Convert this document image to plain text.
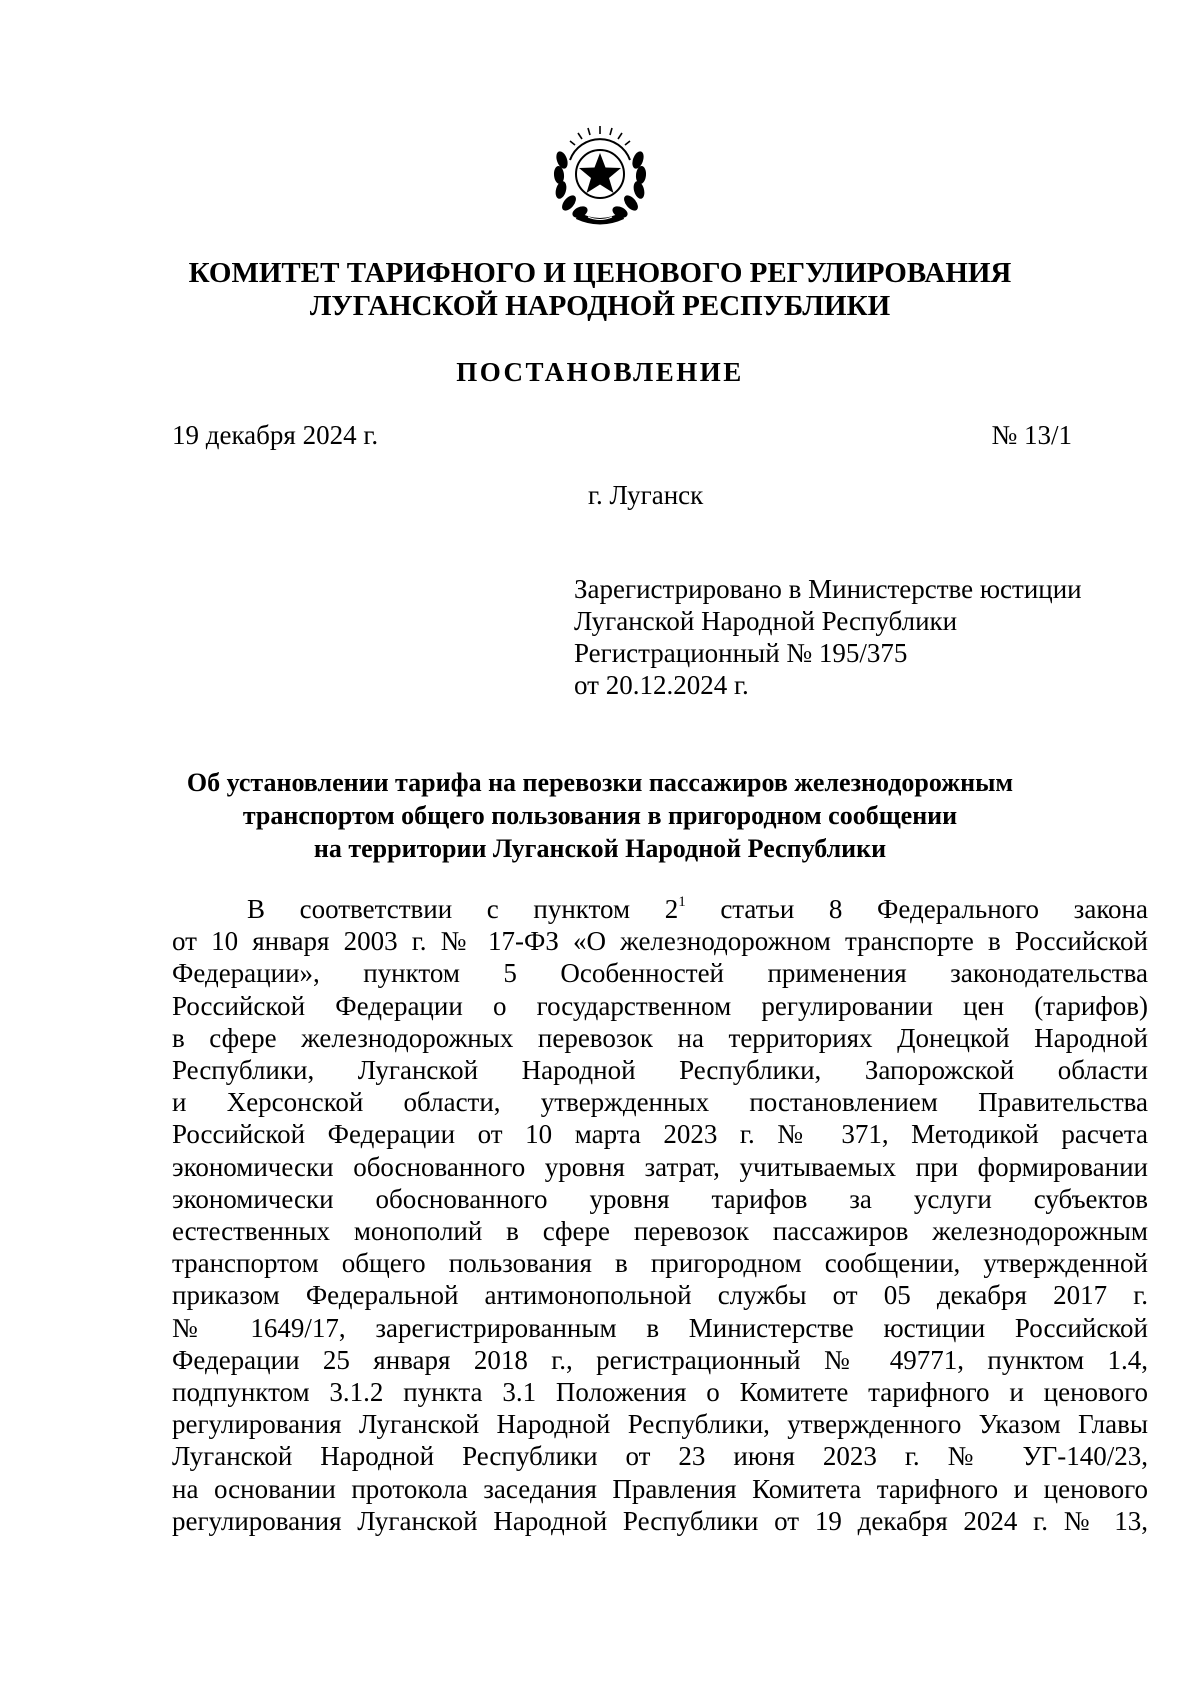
КОМИТЕТ ТАРИФНОГО И ЦЕНОВОГО РЕГУЛИРОВАНИЯ
ЛУГАНСКОЙ НАРОДНОЙ РЕСПУБЛИКИ
ПОСТАНОВЛЕНИЕ
19 декабря 2024 г.	№ 13/1
г. Луганск
Зарегистрировано в Министерстве юстиции
Луганской Народной Республики
Регистрационный № 195/375
от 20.12.2024 г.
Об установлении тарифа на перевозки пассажиров железнодорожным
транспортом общего пользования в пригородном сообщении
на территории Луганской Народной Республики
В соответствии с пунктом $2^1$ статьи 8 Федерального закона
от 10 января 2003 г. № 17-ФЗ «О железнодорожном транспорте в Российской
Федерации», пунктом 5 Особенностей применения законодательства
Российской Федерации о государственном регулировании цен (тарифов)
в сфере железнодорожных перевозок на территориях Донецкой Народной
Республики, Луганской Народной Республики, Запорожской области
и Херсонской области, утвержденных постановлением Правительства
Российской Федерации от 10 марта 2023 г. № 371, Методикой расчета
экономически обоснованного уровня затрат, учитываемых при формировании
экономически обоснованного уровня тарифов за услуги субъектов
естественных монополий в сфере перевозок пассажиров железнодорожным
транспортом общего пользования в пригородном сообщении, утвержденной
приказом Федеральной антимонопольной службы от 05 декабря 2017 г.
№ 1649/17, зарегистрированным в Министерстве юстиции Российской
Федерации 25 января 2018 г., регистрационный № 49771, пунктом 1.4,
подпунктом 3.1.2 пункта 3.1 Положения о Комитете тарифного и ценового
регулирования Луганской Народной Республики, утвержденного Указом Главы
Луганской Народной Республики от 23 июня 2023 г. № УГ-140/23,
на основании протокола заседания Правления Комитета тарифного и ценового
регулирования Луганской Народной Республики от 19 декабря 2024 г. № 13,
